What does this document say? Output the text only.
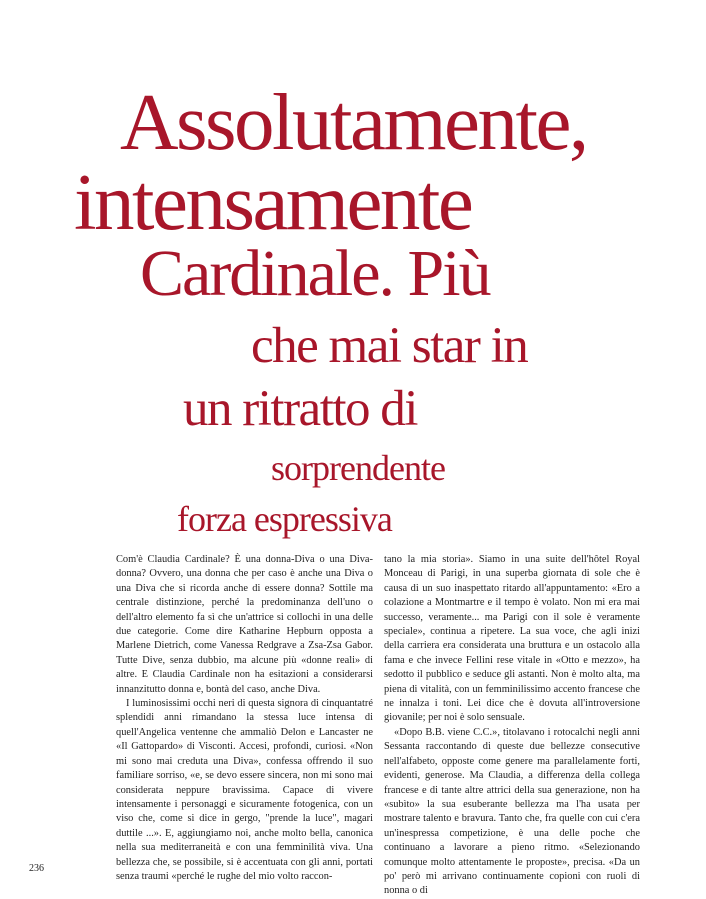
Assolutamente,
intensamente
Cardinale. Più
che mai star in
un ritratto di
sorprendente
forza espressiva

Com'è Claudia Cardinale? È una donna-Diva o una Diva-donna? Ovvero, una donna che per caso è anche una Diva o una Diva che si ricorda anche di essere donna? Sottile ma centrale distinzione, perché la predominanza dell'uno o dell'altro elemento fa sì che un'attrice si collochi in una delle due categorie. Come dire Katharine Hepburn opposta a Marlene Dietrich, come Vanessa Redgrave a Zsa-Zsa Gabor. Tutte Dive, senza dubbio, ma alcune più «donne reali» di altre. E Claudia Cardinale non ha esitazioni a considerarsi innanzitutto donna e, bontà del caso, anche Diva.

I luminosissimi occhi neri di questa signora di cinquantatré splendidi anni rimandano la stessa luce intensa di quell'Angelica ventenne che ammaliò Delon e Lancaster ne «Il Gattopardo» di Visconti. Accesi, profondi, curiosi. «Non mi sono mai creduta una Diva», confessa offrendo il suo familiare sorriso, «e, se devo essere sincera, non mi sono mai considerata neppure bravissima. Capace di vivere intensamente i personaggi e sicuramente fotogenica, con un viso che, come si dice in gergo, "prende la luce", magari duttile ...». E, aggiungiamo noi, anche molto bella, canonica nella sua mediterraneità e con una femminilità viva. Una bellezza che, se possibile, si è accentuata con gli anni, portati senza traumi «perché le rughe del mio volto raccon-

tano la mia storia». Siamo in una suite dell'hôtel Royal Monceau di Parigi, in una superba giornata di sole che è causa di un suo inaspettato ritardo all'appuntamento: «Ero a colazione a Montmartre e il tempo è volato. Non mi era mai successo, veramente... ma Parigi con il sole è veramente speciale», continua a ripetere. La sua voce, che agli inizi della carriera era considerata una bruttura e un ostacolo alla fama e che invece Fellini rese vitale in «Otto e mezzo», ha sedotto il pubblico e seduce gli astanti. Non è molto alta, ma piena di vitalità, con un femminilissimo accento francese che ne innalza i toni. Lei dice che è dovuta all'introversione giovanile; per noi è solo sensuale.

«Dopo B.B. viene C.C.», titolavano i rotocalchi negli anni Sessanta raccontando di queste due bellezze consecutive nell'alfabeto, opposte come genere ma parallelamente forti, evidenti, generose. Ma Claudia, a differenza della collega francese e di tante altre attrici della sua generazione, non ha «subìto» la sua esuberante bellezza ma l'ha usata per mostrare talento e bravura. Tanto che, fra quelle con cui c'era un'inespressa competizione, è una delle poche che continuano a lavorare a pieno ritmo. «Selezionando comunque molto attentamente le proposte», precisa. «Da un po' però mi arrivano continuamente copioni con ruoli di nonna o di

236
